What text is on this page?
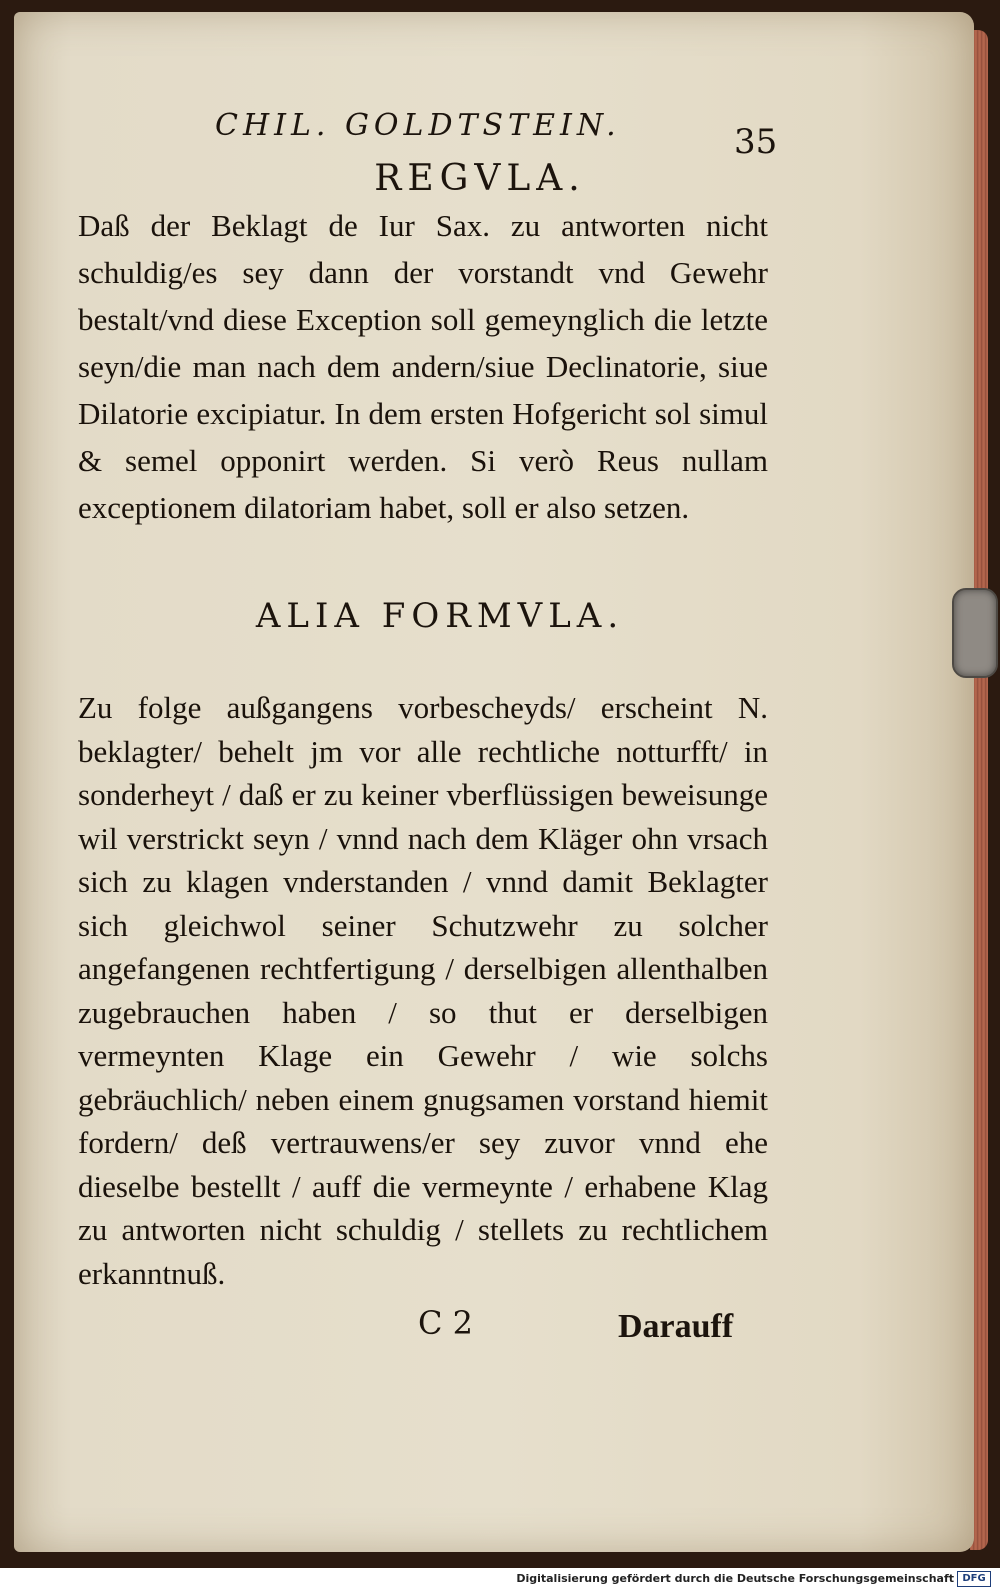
CHIL. GOLDTSTEIN.	35
REGVLA.
Daß der Beklagt de Iur Sax. zu antworten nicht schuldig/es sey dann der vorstandt vnd Gewehr bestalt/vnd diese Exception soll gemeynglich die letzte seyn/die man nach dem andern/siue Declinatorie, siue Dilatorie excipiatur. In dem ersten Hofgericht sol simul & semel opponirt werden. Si verò Reus nullam exceptionem dilatoriam habet, soll er also setzen.
ALIA FORMVLA.
Zu folge außgangens vorbescheyds/ erscheint N. beklagter/ behelt jm vor alle rechtliche notturfft/ in sonderheyt / daß er zu keiner vberflüssigen beweisunge wil verstrickt seyn / vnnd nach dem Kläger ohn vrsach sich zu klagen vnderstanden / vnnd damit Beklagter sich gleichwol seiner Schutzwehr zu solcher angefangenen rechtfertigung / derselbigen allenthalben zugebrauchen haben / so thut er derselbigen vermeynten Klage ein Gewehr / wie solchs gebräuchlich/ neben einem gnugsamen vorstand hiemit fordern/ deß vertrauwens/er sey zuvor vnnd ehe dieselbe bestellt / auff die vermeynte / erhabene Klag zu antworten nicht schuldig / stellets zu rechtlichem erkanntnuß.
C 2	Darauff
Digitalisierung gefördert durch die Deutsche Forschungsgemeinschaft DFG
